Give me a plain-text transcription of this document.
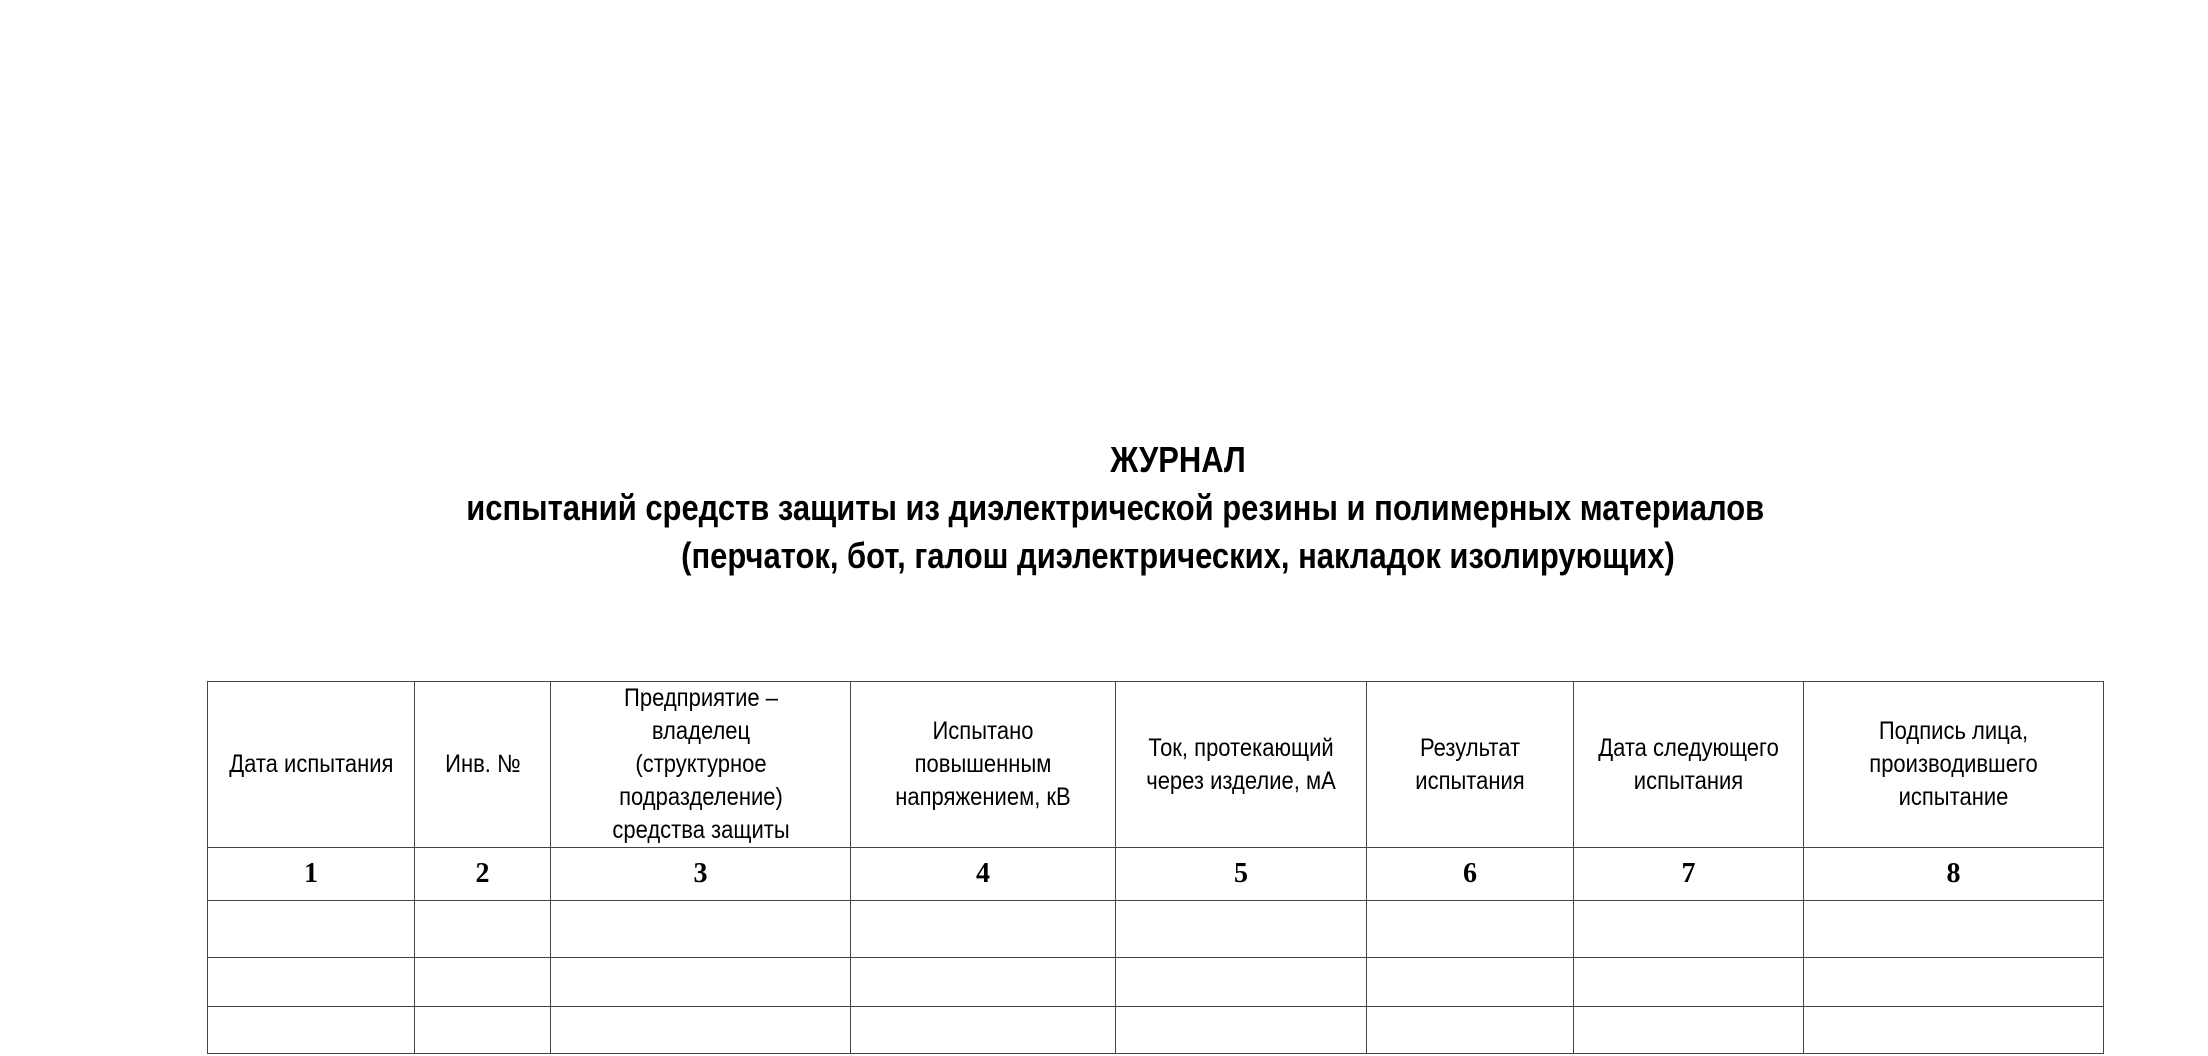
ЖУРНАЛ
испытаний средств защиты из диэлектрической резины и полимерных материалов
(перчаток, бот, галош диэлектрических, накладок изолирующих)
Дата испытания	Инв. №	Предприятие – владелец (структурное подразделение) средства защиты	Испытано повышенным напряжением, кВ	Ток, протекающий через изделие, мА	Результат испытания	Дата следующего испытания	Подпись лица, производившего испытание
1	2	3	4	5	6	7	8
